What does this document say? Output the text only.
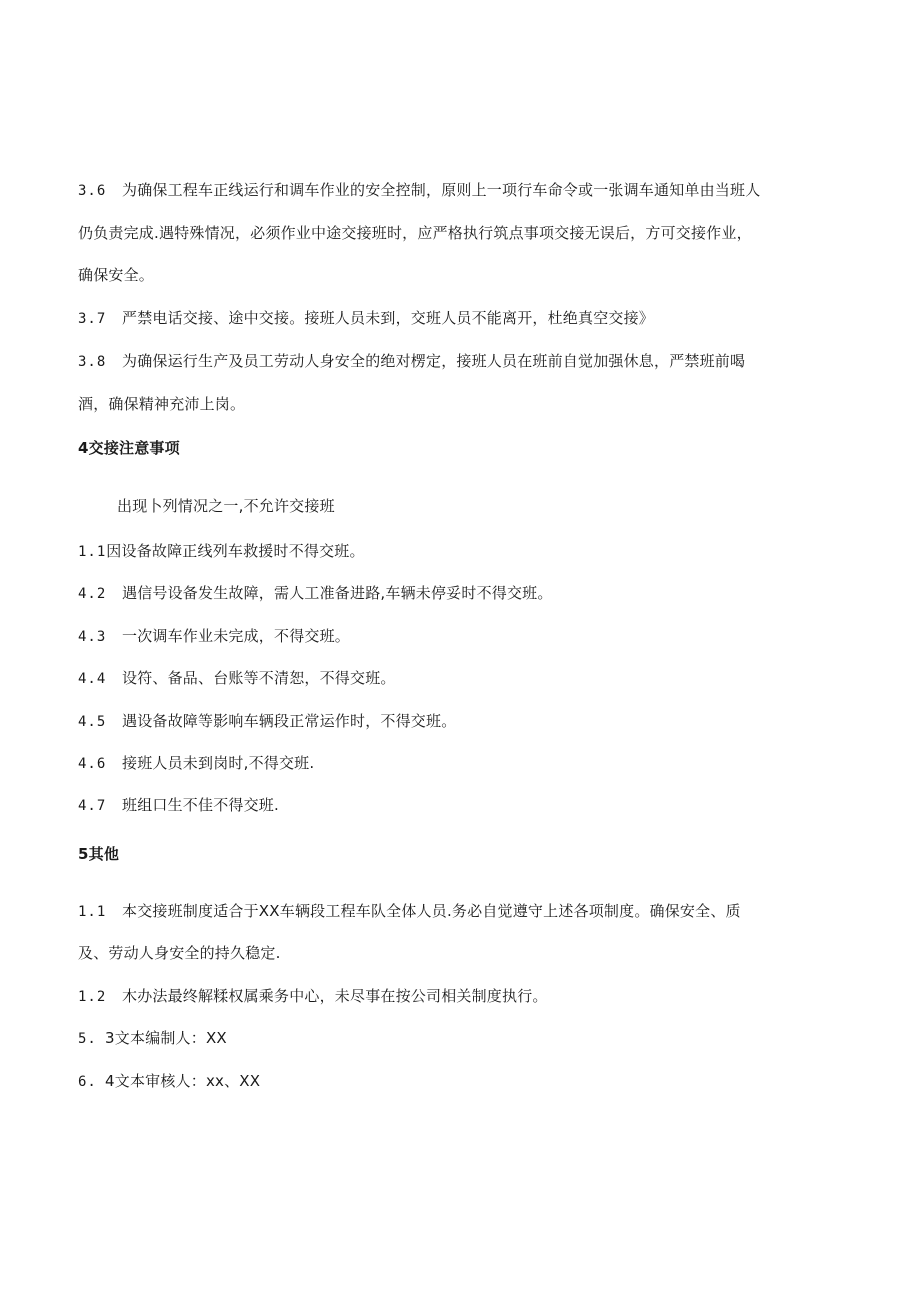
3.6 为确保工程车正线运行和调车作业的安全控制，原则上一项行车命令或一张调车通知单由当班人
仍负责完成.遇特殊情况，必须作业中途交接班时，应严格执行筑点事项交接无误后，方可交接作业，
确保安全。
3.7 严禁电话交接、途中交接。接班人员未到，交班人员不能离开，杜绝真空交接》
3.8 为确保运行生产及员工劳动人身安全的绝对楞定，接班人员在班前自觉加强休息，严禁班前喝
酒，确保精神充沛上岗。
4交接注意事项
出现卜列情况之一,不允许交接班
1.1因设备故障正线列车救援时不得交班。
4.2 遇信号设备发生故障，需人工准备进路,车辆未停妥时不得交班。
4.3 一次调车作业未完成，不得交班。
4.4 设符、备品、台账等不清恕，不得交班。
4.5 遇设备故障等影响车辆段正常运作时，不得交班。
4.6 接班人员未到岗时,不得交班.
4.7 班组口生不佳不得交班.
5其他
1.1 本交接班制度适合于XX车辆段工程车队全体人员.务必自觉遵守上述各项制度。确保安全、质
及、劳动人身安全的持久稳定.
1.2 木办法最终解糅权属乘务中心，未尽事在按公司相关制度执行。
5. 3文本编制人：XX
6. 4文本审核人：xx、XX
